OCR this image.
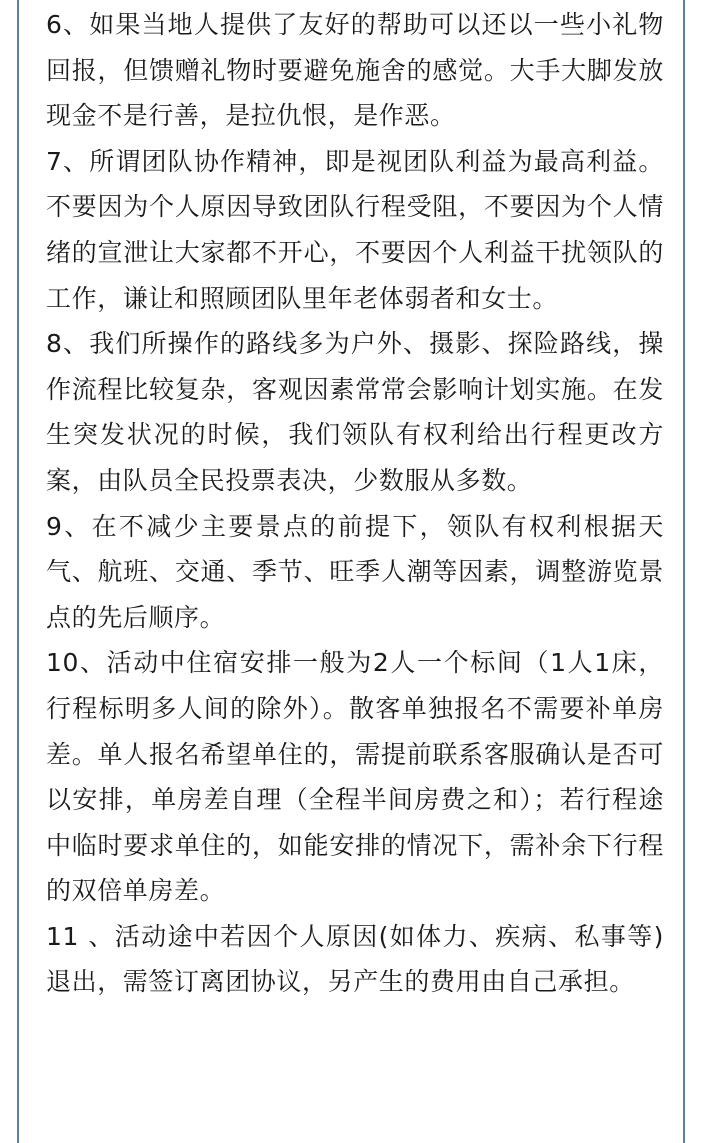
6、如果当地人提供了友好的帮助可以还以一些小礼物回报，但馈赠礼物时要避免施舍的感觉。大手大脚发放现金不是行善，是拉仇恨，是作恶。

7、所谓团队协作精神，即是视团队利益为最高利益。不要因为个人原因导致团队行程受阻，不要因为个人情绪的宣泄让大家都不开心，不要因个人利益干扰领队的工作，谦让和照顾团队里年老体弱者和女士。

8、我们所操作的路线多为户外、摄影、探险路线，操作流程比较复杂，客观因素常常会影响计划实施。在发生突发状况的时候，我们领队有权利给出行程更改方案，由队员全民投票表决，少数服从多数。

9、在不减少主要景点的前提下，领队有权利根据天气、航班、交通、季节、旺季人潮等因素，调整游览景点的先后顺序。

10、活动中住宿安排一般为2人一个标间（1人1床，行程标明多人间的除外）。散客单独报名不需要补单房差。单人报名希望单住的，需提前联系客服确认是否可以安排，单房差自理（全程半间房费之和）；若行程途中临时要求单住的，如能安排的情况下，需补余下行程的双倍单房差。

11 、活动途中若因个人原因(如体力、疾病、私事等)退出，需签订离团协议，另产生的费用由自己承担。
